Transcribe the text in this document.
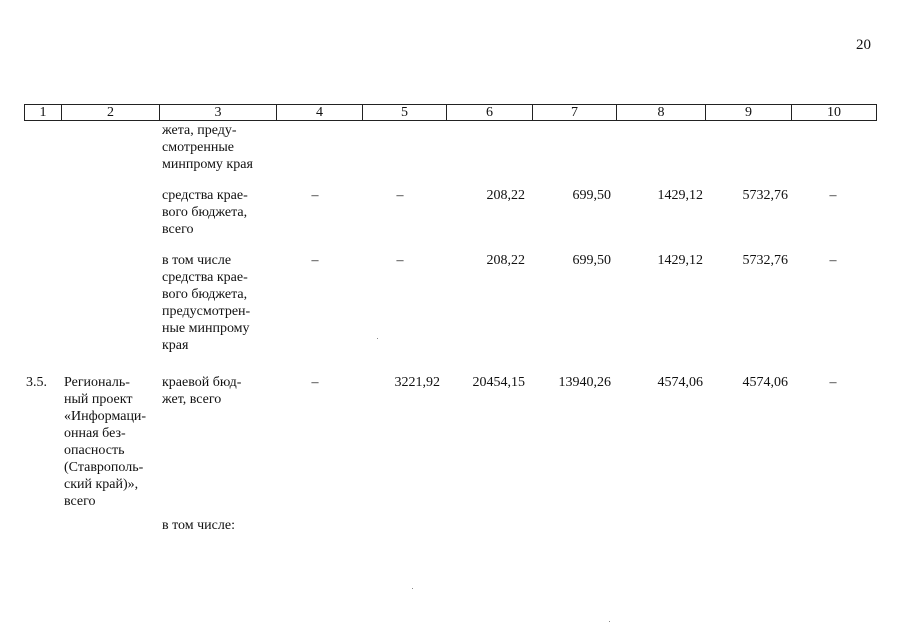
20
1	2	3	4	5	6	7	8	9	10
жета, преду-
смотренные
минпрому края
средства крае-
вого бюджета,
всего
–	–	208,22	699,50	1429,12	5732,76	–
в том числе
средства крае-
вого бюджета,
предусмотрен-
ные минпрому
края
–	–	208,22	699,50	1429,12	5732,76	–
3.5. Региональ-
ный проект
«Информаци-
онная без-
опасность
(Ставрополь-
ский край)»,
всего
краевой бюд-
жет, всего
–	3221,92	20454,15	13940,26	4574,06	4574,06	–
в том числе:
